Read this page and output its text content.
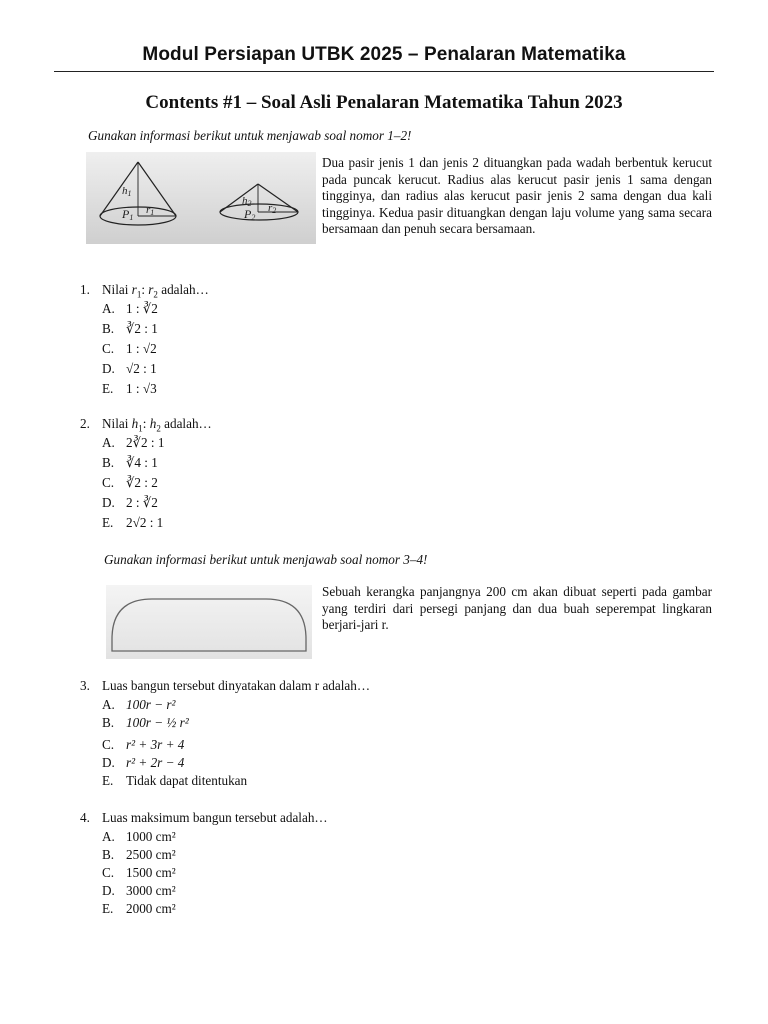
Modul Persiapan UTBK 2025 – Penalaran Matematika
Contents #1 – Soal Asli Penalaran Matematika Tahun 2023
Gunakan informasi berikut untuk menjawab soal nomor 1–2!
h1
r1
P1
h2 r2
P2
Dua pasir jenis 1 dan jenis 2 dituangkan pada wadah berbentuk kerucut pada puncak kerucut. Radius alas kerucut pasir jenis 1 sama dengan tingginya, dan radius alas kerucut pasir jenis 2 sama dengan dua kali tingginya. Kedua pasir dituangkan dengan laju volume yang sama secara bersamaan dan penuh secara bersamaan.
1. Nilai $r_1$: $r_2$ adalah…
A. 1 : ∛2
B. ∛2 : 1
C. 1 : √2
D. √2 : 1
E. 1 : √3
2. Nilai $h_1$: $h_2$ adalah…
A. 2∛2 : 1
B. ∛4 : 1
C. ∛2 : 2
D. 2 : ∛2
E. 2√2 : 1
Gunakan informasi berikut untuk menjawab soal nomor 3–4!
Sebuah kerangka panjangnya 200 cm akan dibuat seperti pada gambar yang terdiri dari persegi panjang dan dua buah seperempat lingkaran berjari-jari r.
3. Luas bangun tersebut dinyatakan dalam r adalah…
A. 100r − r²
B. 100r − ½ r²
C. r² + 3r + 4
D. r² + 2r − 4
E. Tidak dapat ditentukan
4. Luas maksimum bangun tersebut adalah…
A. 1000 cm²
B. 2500 cm²
C. 1500 cm²
D. 3000 cm²
E. 2000 cm²
